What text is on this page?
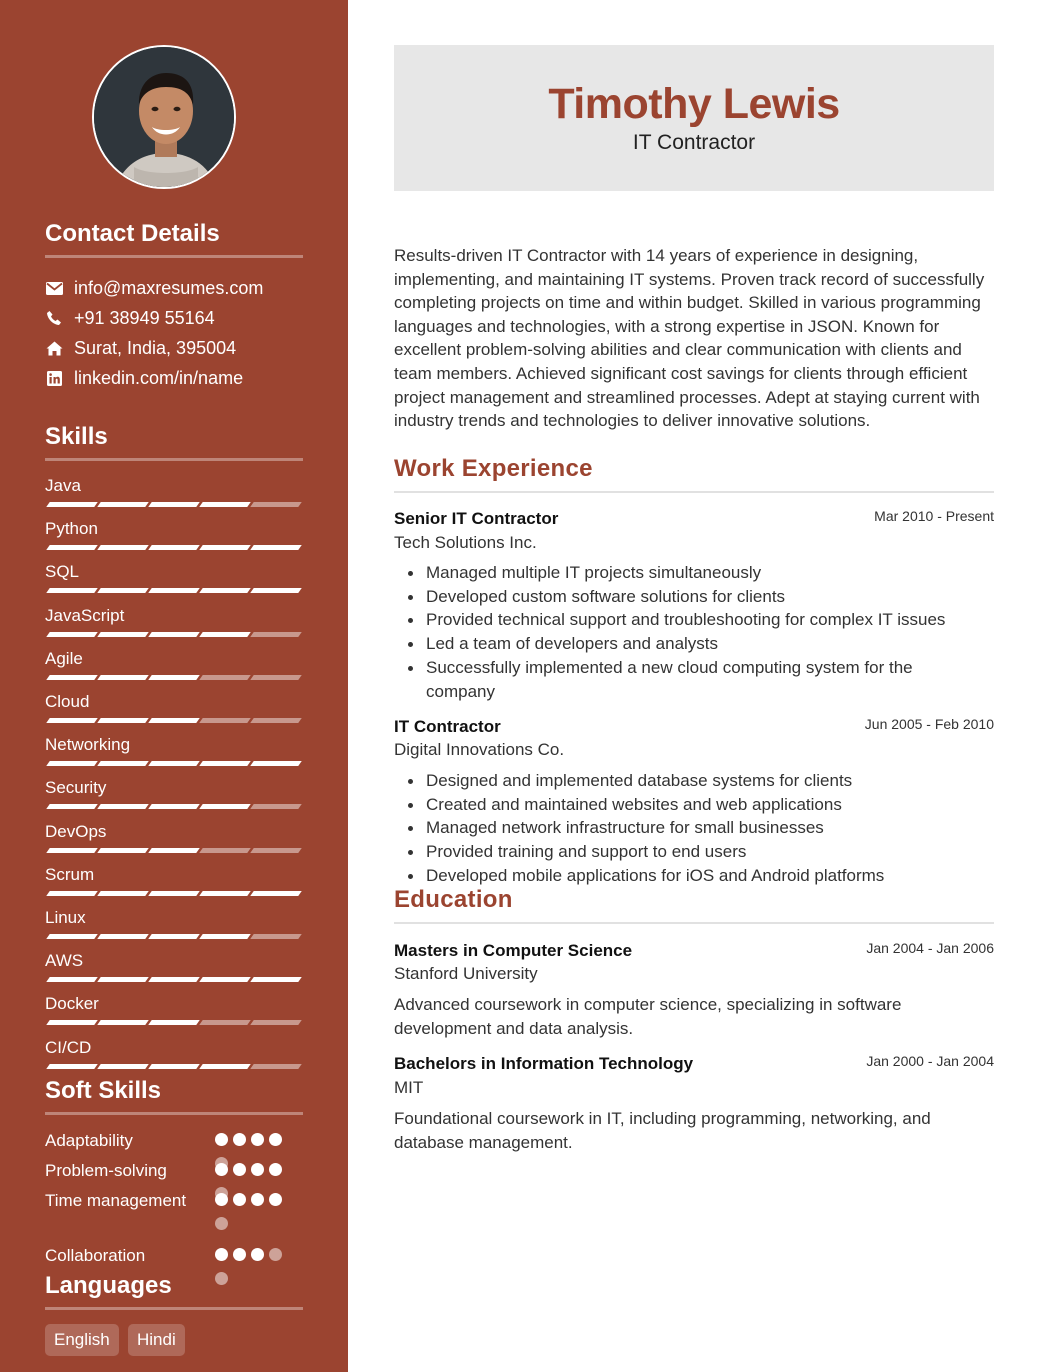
Contact Details
info@maxresumes.com
+91 38949 55164
Surat, India, 395004
linkedin.com/in/name
Skills
Java
Python
SQL
JavaScript
Agile
Cloud
Networking
Security
DevOps
Scrum
Linux
AWS
Docker
CI/CD
Soft Skills
Adaptability
Problem-solving
Time management
Collaboration
Languages
English	Hindi
Timothy Lewis
IT Contractor
Results-driven IT Contractor with 14 years of experience in designing, implementing, and maintaining IT systems. Proven track record of successfully completing projects on time and within budget. Skilled in various programming languages and technologies, with a strong expertise in JSON. Known for excellent problem-solving abilities and clear communication with clients and team members. Achieved significant cost savings for clients through efficient project management and streamlined processes. Adept at staying current with industry trends and technologies to deliver innovative solutions.
Work Experience
Senior IT Contractor	Mar 2010 - Present
Tech Solutions Inc.
Managed multiple IT projects simultaneously
Developed custom software solutions for clients
Provided technical support and troubleshooting for complex IT issues
Led a team of developers and analysts
Successfully implemented a new cloud computing system for the company
IT Contractor	Jun 2005 - Feb 2010
Digital Innovations Co.
Designed and implemented database systems for clients
Created and maintained websites and web applications
Managed network infrastructure for small businesses
Provided training and support to end users
Developed mobile applications for iOS and Android platforms
Education
Masters in Computer Science	Jan 2004 - Jan 2006
Stanford University
Advanced coursework in computer science, specializing in software development and data analysis.
Bachelors in Information Technology	Jan 2000 - Jan 2004
MIT
Foundational coursework in IT, including programming, networking, and database management.
